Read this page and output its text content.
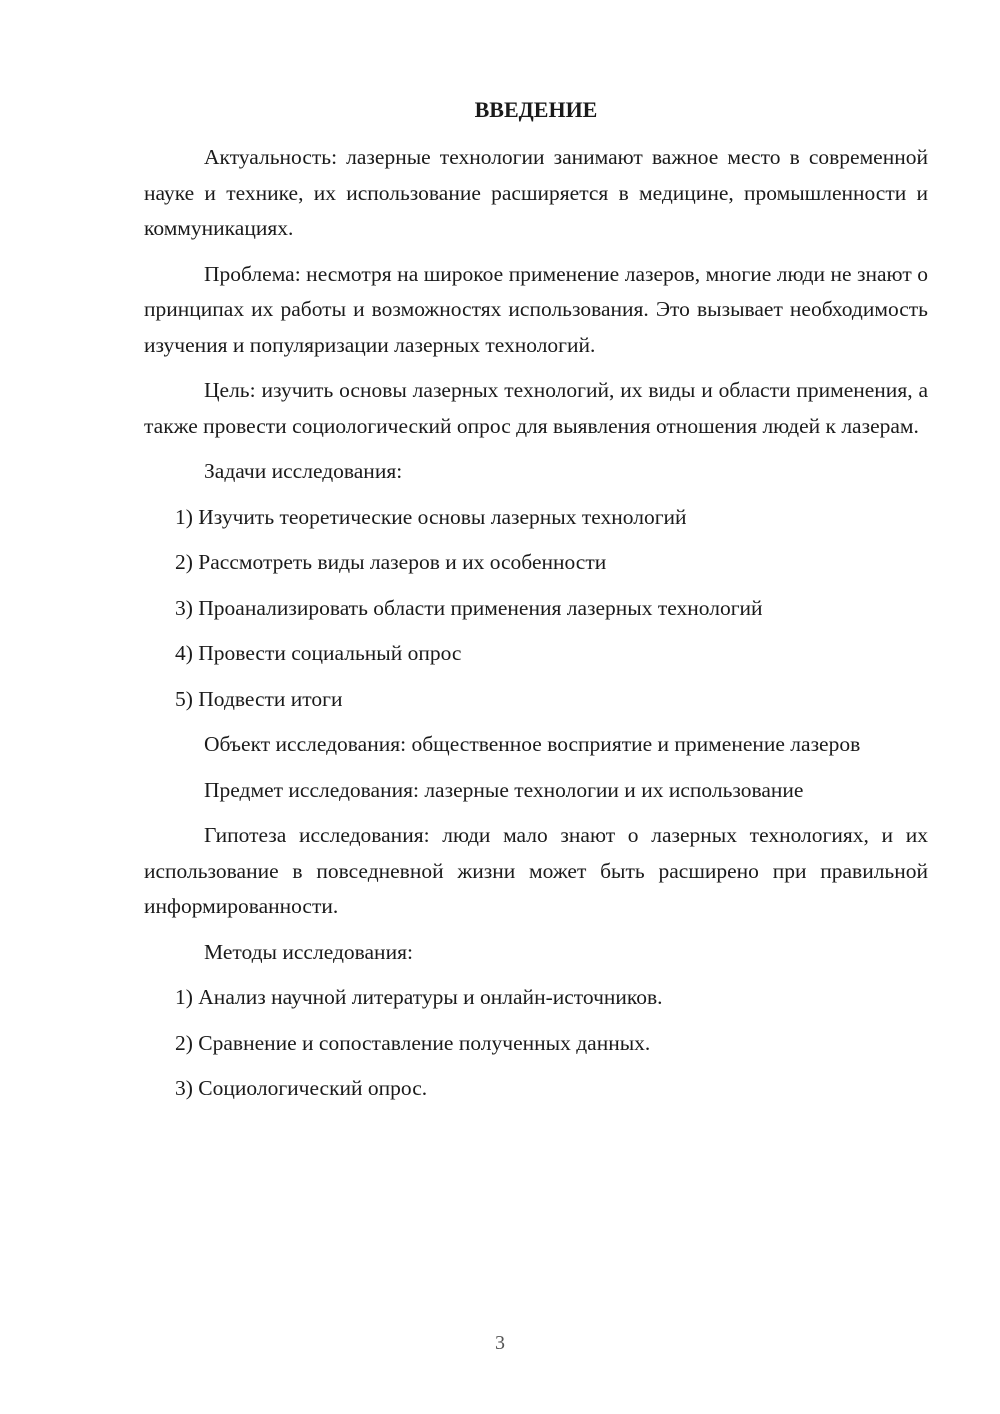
ВВЕДЕНИЕ

Актуальность: лазерные технологии занимают важное место в современной науке и технике, их использование расширяется в медицине, промышленности и коммуникациях.

Проблема: несмотря на широкое применение лазеров, многие люди не знают о принципах их работы и возможностях использования. Это вызывает необходимость изучения и популяризации лазерных технологий.

Цель: изучить основы лазерных технологий, их виды и области применения, а также провести социологический опрос для выявления отношения людей к лазерам.

Задачи исследования:

1) Изучить теоретические основы лазерных технологий
2) Рассмотреть виды лазеров и их особенности
3) Проанализировать области применения лазерных технологий
4) Провести социальный опрос
5) Подвести итоги

Объект исследования: общественное восприятие и применение лазеров

Предмет исследования: лазерные технологии и их использование

Гипотеза исследования: люди мало знают о лазерных технологиях, и их использование в повседневной жизни может быть расширено при правильной информированности.

Методы исследования:

1) Анализ научной литературы и онлайн-источников.
2) Сравнение и сопоставление полученных данных.
3) Социологический опрос.
3
